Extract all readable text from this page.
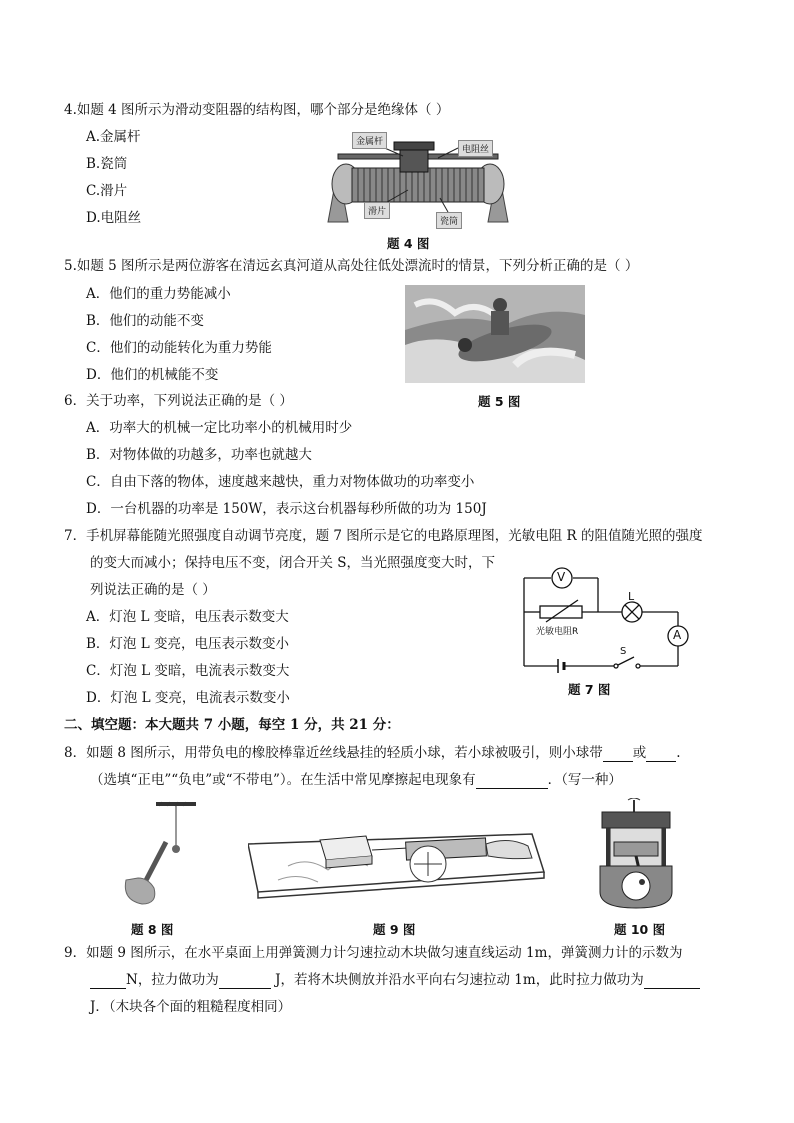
4.如题 4 图所示为滑动变阻器的结构图，哪个部分是绝缘体（ ）
A.金属杆
B.瓷筒
C.滑片
D.电阻丝
金属杆
电阻丝
滑片
瓷筒
题 4 图
5.如题 5 图所示是两位游客在清远玄真河道从高处往低处漂流时的情景，下列分析正确的是（ ）
A．他们的重力势能减小
B．他们的动能不变
C．他们的动能转化为重力势能
D．他们的机械能不变
题 5 图
6．关于功率，下列说法正确的是（ ）
A．功率大的机械一定比功率小的机械用时少
B．对物体做的功越多，功率也就越大
C．自由下落的物体，速度越来越快，重力对物体做功的功率变小
D．一台机器的功率是 150W，表示这台机器每秒所做的功为 150J
7．手机屏幕能随光照强度自动调节亮度，题 7 图所示是它的电路原理图，光敏电阻 R 的阻值随光照的强度
的变大而减小；保持电压不变，闭合开关 S，当光照强度变大时，下
列说法正确的是（ ）
A．灯泡 L 变暗，电压表示数变大
B．灯泡 L 变亮，电压表示数变小
C．灯泡 L 变暗，电流表示数变大
D．灯泡 L 变亮，电流表示数变小
V
A
L
S
光敏电阻R
题 7 图
二、填空题：本大题共 7 小题，每空 1 分，共 21 分：
8．如题 8 图所示，用带负电的橡胶棒靠近丝线悬挂的轻质小球，若小球被吸引，则小球带 或 .
（选填“正电”“负电”或“不带电”）。在生活中常见摩擦起电现象有	．（写一种）
题 8 图	题 9 图	题 10 图
9．如题 9 图所示，在水平桌面上用弹簧测力计匀速拉动木块做匀速直线运动 1m，弹簧测力计的示数为
N，拉力做功为	J，若将木块侧放并沿水平向右匀速拉动 1m，此时拉力做功为
J．（木块各个面的粗糙程度相同）
